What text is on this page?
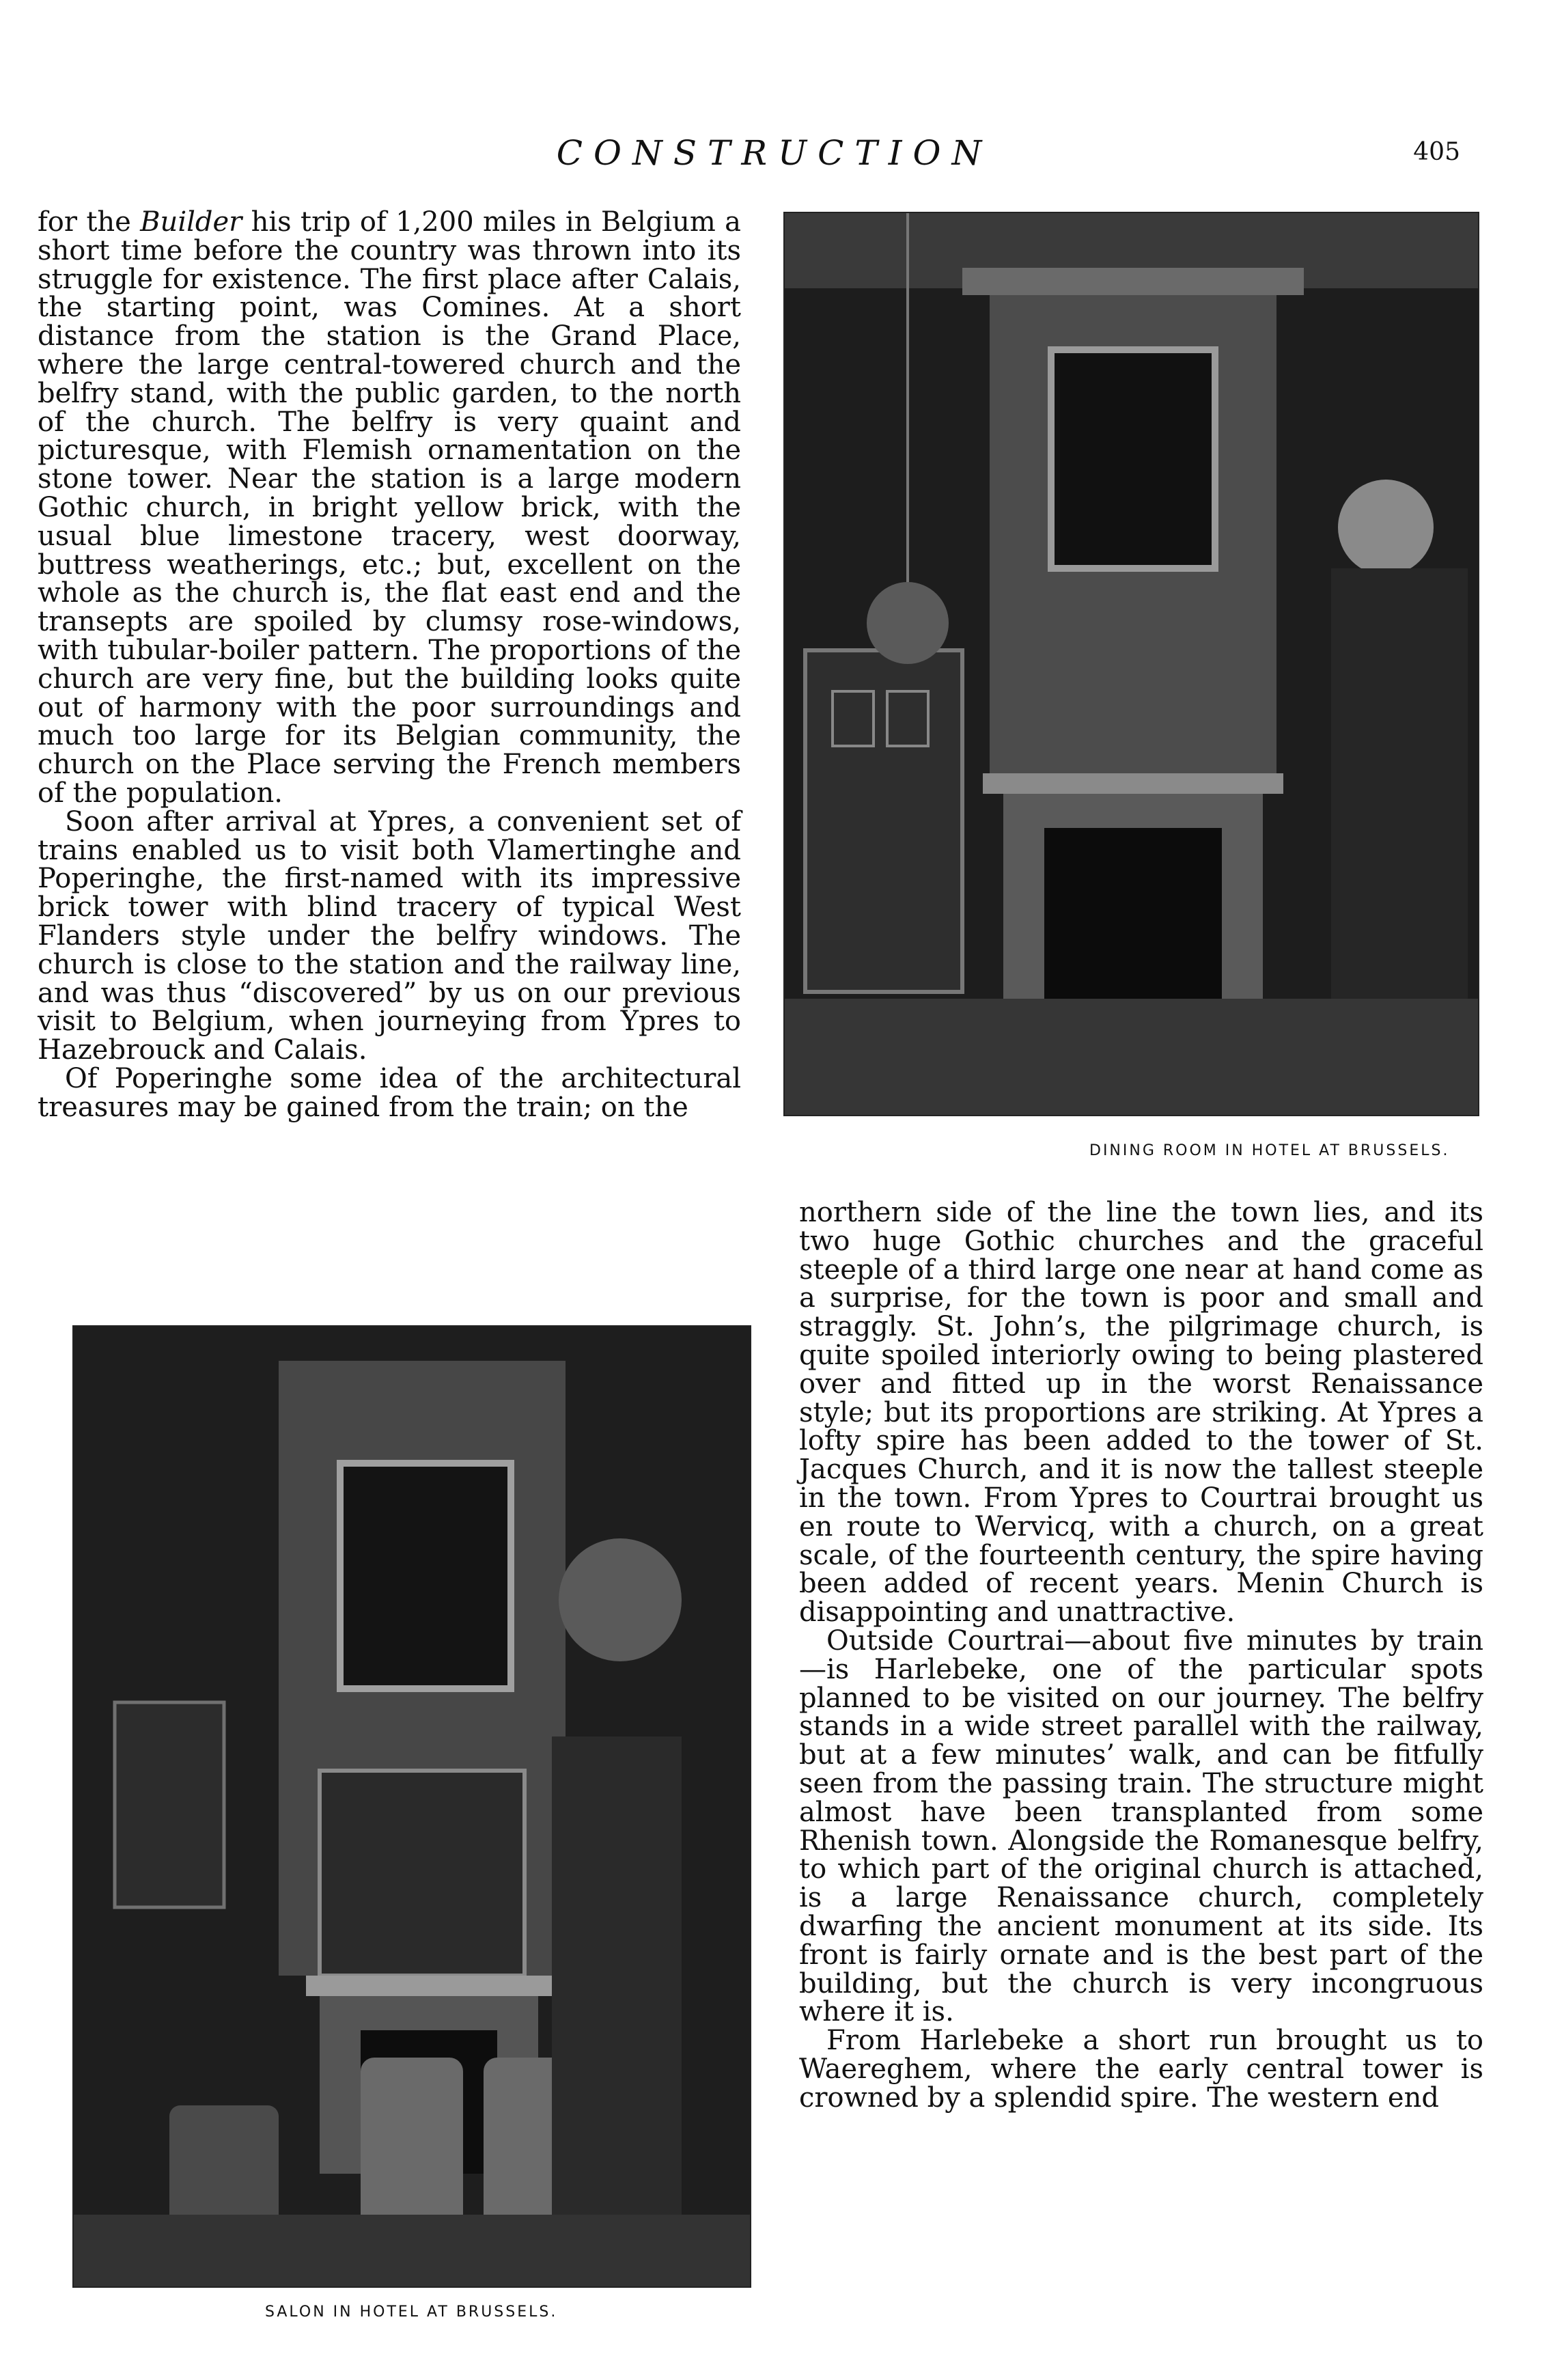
CONSTRUCTION	405

for the Builder his trip of 1,200 miles in Belgium a short time before the country was thrown into its struggle for existence. The first place after Calais, the starting point, was Comines. At a short distance from the station is the Grand Place, where the large central-towered church and the belfry stand, with the public garden, to the north of the church. The belfry is very quaint and picturesque, with Flemish ornamentation on the stone tower. Near the station is a large modern Gothic church, in bright yellow brick, with the usual blue limestone tracery, west doorway, buttress weatherings, etc.; but, excellent on the whole as the church is, the flat east end and the transepts are spoiled by clumsy rose-windows, with tubular-boiler pattern. The proportions of the church are very fine, but the building looks quite out of harmony with the poor surroundings and much too large for its Belgian community, the church on the Place serving the French members of the population.

Soon after arrival at Ypres, a convenient set of trains enabled us to visit both Vlamertinghe and Poperinghe, the first-named with its impressive brick tower with blind tracery of typical West Flanders style under the belfry windows. The church is close to the station and the railway line, and was thus “discovered” by us on our previous visit to Belgium, when journeying from Ypres to Hazebrouck and Calais.

Of Poperinghe some idea of the architectural treasures may be gained from the train; on the

DINING ROOM IN HOTEL AT BRUSSELS.
SALON IN HOTEL AT BRUSSELS.

northern side of the line the town lies, and its two huge Gothic churches and the graceful steeple of a third large one near at hand come as a surprise, for the town is poor and small and straggly. St. John’s, the pilgrimage church, is quite spoiled interiorly owing to being plastered over and fitted up in the worst Renaissance style; but its proportions are striking. At Ypres a lofty spire has been added to the tower of St. Jacques Church, and it is now the tallest steeple in the town. From Ypres to Courtrai brought us en route to Wervicq, with a church, on a great scale, of the fourteenth century, the spire having been added of recent years. Menin Church is disappointing and unattractive.

Outside Courtrai—about five minutes by train—is Harlebeke, one of the particular spots planned to be visited on our journey. The belfry stands in a wide street parallel with the railway, but at a few minutes’ walk, and can be fitfully seen from the passing train. The structure might almost have been transplanted from some Rhenish town. Alongside the Romanesque belfry, to which part of the original church is attached, is a large Renaissance church, completely dwarfing the ancient monument at its side. Its front is fairly ornate and is the best part of the building, but the church is very incongruous where it is.

From Harlebeke a short run brought us to Waereghem, where the early central tower is crowned by a splendid spire. The western end
